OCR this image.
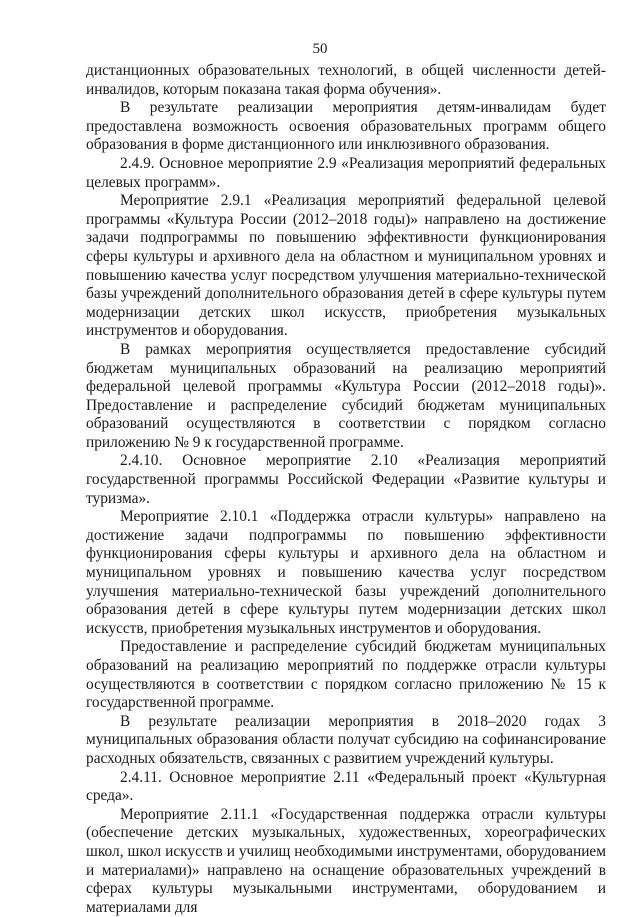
50

дистанционных образовательных технологий, в общей численности детей-инвалидов, которым показана такая форма обучения».

В результате реализации мероприятия детям-инвалидам будет предоставлена возможность освоения образовательных программ общего образования в форме дистанционного или инклюзивного образования.

2.4.9. Основное мероприятие 2.9 «Реализация мероприятий федеральных целевых программ».

Мероприятие 2.9.1 «Реализация мероприятий федеральной целевой программы «Культура России (2012–2018 годы)» направлено на достижение задачи подпрограммы по повышению эффективности функционирования сферы культуры и архивного дела на областном и муниципальном уровнях и повышению качества услуг посредством улучшения материально-технической базы учреждений дополнительного образования детей в сфере культуры путем модернизации детских школ искусств, приобретения музыкальных инструментов и оборудования.

В рамках мероприятия осуществляется предоставление субсидий бюджетам муниципальных образований на реализацию мероприятий федеральной целевой программы «Культура России (2012–2018 годы)». Предоставление и распределение субсидий бюджетам муниципальных образований осуществляются в соответствии с порядком согласно приложению № 9 к государственной программе.

2.4.10. Основное мероприятие 2.10 «Реализация мероприятий государственной программы Российской Федерации «Развитие культуры и туризма».

Мероприятие 2.10.1 «Поддержка отрасли культуры» направлено на достижение задачи подпрограммы по повышению эффективности функционирования сферы культуры и архивного дела на областном и муниципальном уровнях и повышению качества услуг посредством улучшения материально-технической базы учреждений дополнительного образования детей в сфере культуры путем модернизации детских школ искусств, приобретения музыкальных инструментов и оборудования.

Предоставление и распределение субсидий бюджетам муниципальных образований на реализацию мероприятий по поддержке отрасли культуры осуществляются в соответствии с порядком согласно приложению № 15 к государственной программе.

В результате реализации мероприятия в 2018–2020 годах 3 муниципальных образования области получат субсидию на софинансирование расходных обязательств, связанных с развитием учреждений культуры.

2.4.11. Основное мероприятие 2.11 «Федеральный проект «Культурная среда».

Мероприятие 2.11.1 «Государственная поддержка отрасли культуры (обеспечение детских музыкальных, художественных, хореографических школ, школ искусств и училищ необходимыми инструментами, оборудованием и материалами)» направлено на оснащение образовательных учреждений в сферах культуры музыкальными инструментами, оборудованием и материалами для
